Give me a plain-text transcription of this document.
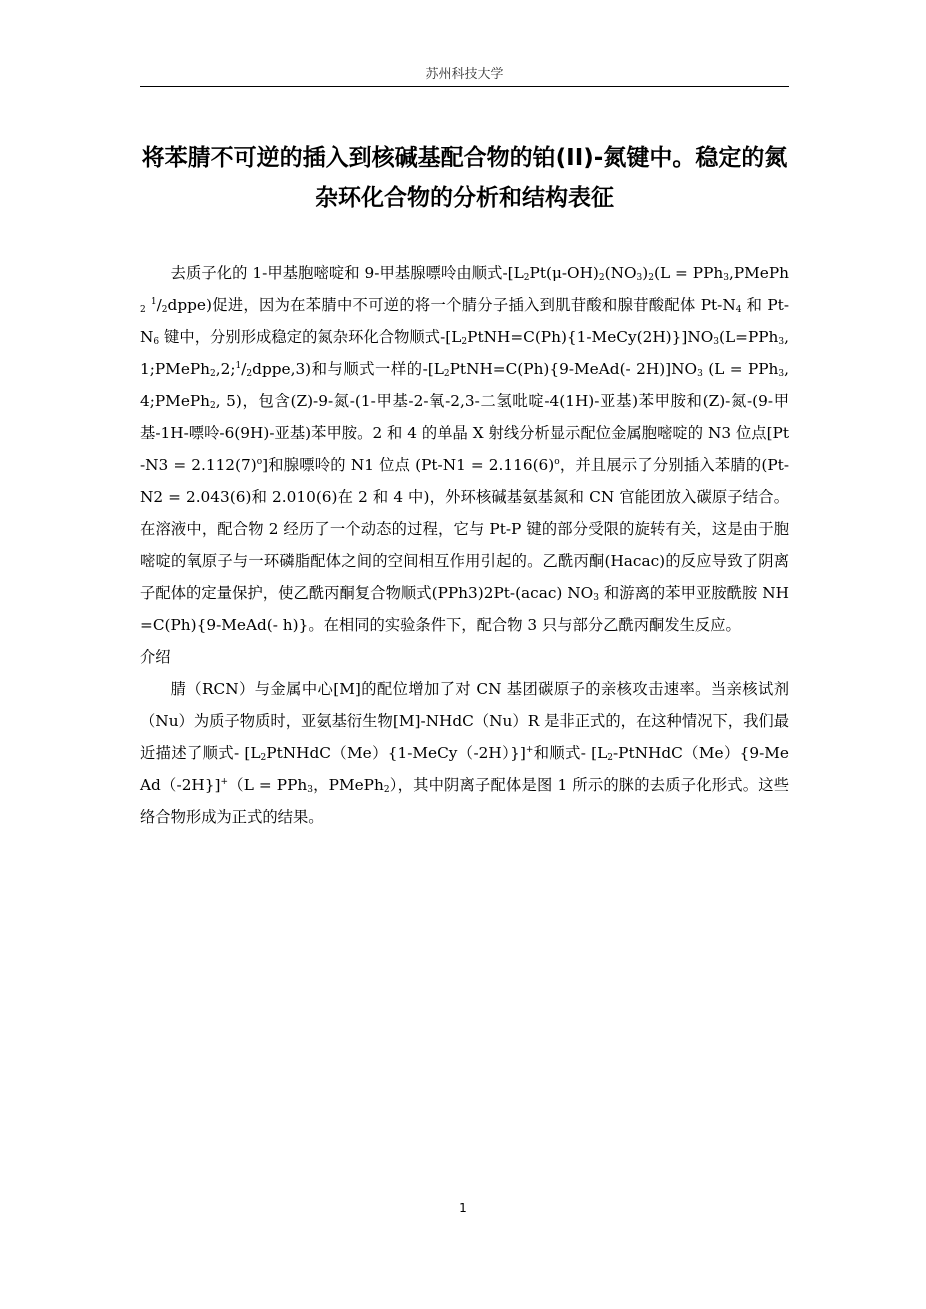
苏州科技大学
将苯腈不可逆的插入到核碱基配合物的铂(II)-氮键中。稳定的氮杂环化合物的分析和结构表征

去质子化的 1-甲基胞嘧啶和 9-甲基腺嘌呤由顺式$-[L_2Pt(\mu-OH)_2(NO_3)_2(L$ = PPh$_3$,PMePh$_2$ $^1/_2dppe$)促进，因为在苯腈中不可逆的将一个腈分子插入到肌苷酸和腺苷酸配体 $Pt-N_4$ 和 $Pt-N_6$ 键中，分别形成稳定的氮杂环化合物顺式$-[L_2PtNH=C(Ph)\{1-MeCy(2H)\}]NO_3(L=PPh_3,1;PMePh_2,2;^1/_2dppe,3)$和与顺式一样的$-[L_2PtNH=C(Ph)\{9-MeAd(-$ $2H)]NO_3$ (L = PPh$_3$, 4;PMePh$_2$, 5)，包含(Z)-9-氮-(1-甲基-2-氧-2,3-二氢吡啶-4(1H)-亚基)苯甲胺和(Z)-氮-(9-甲基-1H-嘌呤-6(9H)-亚基)苯甲胺。2 和 4 的单晶 X 射线分析显示配位金属胞嘧啶的 N3 位点$[Pt-N3 = 2.112(7)^o]$和腺嘌呤的 N1 位点 ($Pt-N1 = 2.116(6)^o$，并且展示了分别插入苯腈的(Pt-N2 = 2.043(6)和 2.010(6)在 2 和 4 中)，外环核碱基氨基氮和 CN 官能团放入碳原子结合。在溶液中，配合物 2 经历了一个动态的过程，它与 Pt-P 键的部分受限的旋转有关，这是由于胞嘧啶的氧原子与一环磷脂配体之间的空间相互作用引起的。乙酰丙酮(Hacac)的反应导致了阴离子配体的定量保护，使乙酰丙酮复合物顺式(PPh3)2Pt-(acac) $NO_3$ 和游离的苯甲亚胺酰胺 NH=C(Ph){9-MeAd(- h)}。在相同的实验条件下，配合物 3 只与部分乙酰丙酮发生反应。

介绍

腈（RCN）与金属中心[M]的配位增加了对 CN 基团碳原子的亲核攻击速率。当亲核试剂（Nu）为质子物质时，亚氨基衍生物[M]-NHdC（Nu）R 是非正式的，在这种情况下，我们最近描述了顺式- $[L_2PtNHdC(Me)\{1-MeCy(-2H)\}]^+$和顺式- [$L_2-PtNHdC(Me)\{9-MeAd(-2H\}]^+(L = PPh_3$，PMePh$_2$），其中阴离子配体是图 1 所示的脒的去质子化形式。这些络合物形成为正式的结果。

1
